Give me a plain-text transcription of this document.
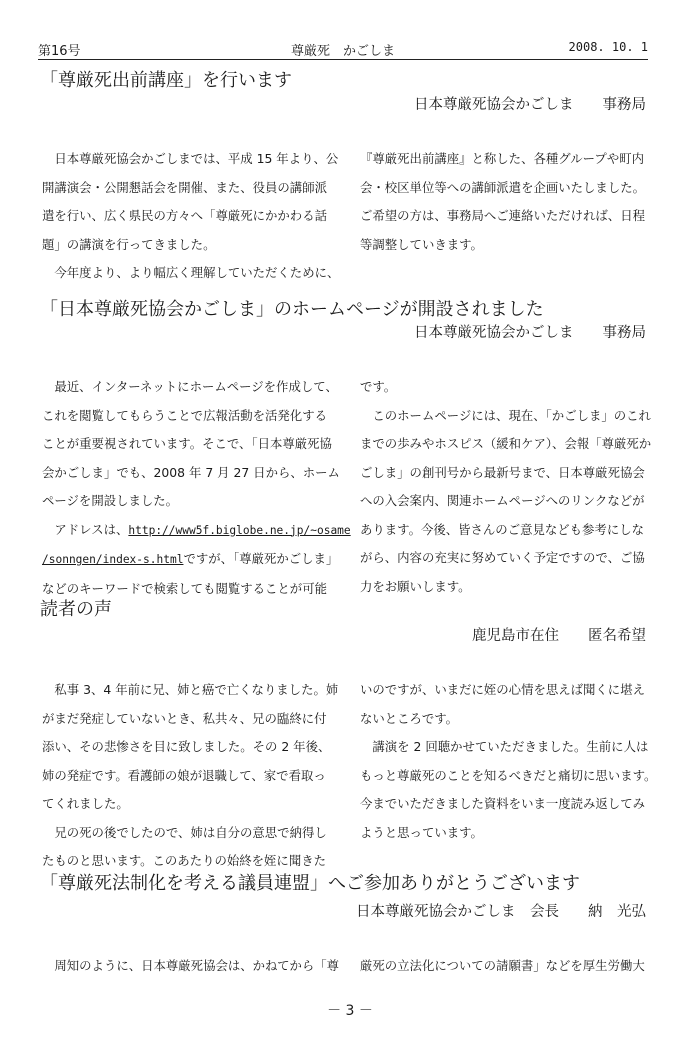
第16号	尊厳死　かごしま	2008. 10. 1
「尊厳死出前講座」を行います
日本尊厳死協会かごしま　　事務局

　日本尊厳死協会かごしまでは、平成 15 年より、公

開講演会・公開懇話会を開催、また、役員の講師派

遣を行い、広く県民の方々へ「尊厳死にかかわる話

題」の講演を行ってきました。

　今年度より、より幅広く理解していただくために、

『尊厳死出前講座』と称した、各種グループや町内

会・校区単位等への講師派遣を企画いたしました。

ご希望の方は、事務局へご連絡いただければ、日程

等調整していきます。

「日本尊厳死協会かごしま」のホームページが開設されました
日本尊厳死協会かごしま　　事務局

　最近、インターネットにホームページを作成して、

これを閲覧してもらうことで広報活動を活発化する

ことが重要視されています。そこで、「日本尊厳死協

会かごしま」でも、2008 年 7 月 27 日から、ホーム

ページを開設しました。

　アドレスは、http://www5f.biglobe.ne.jp/~osame

/sonngen/index-s.htmlですが、「尊厳死かごしま」

などのキーワードで検索しても閲覧することが可能

です。

　このホームページには、現在、「かごしま」のこれ

までの歩みやホスピス（緩和ケア）、会報「尊厳死か

ごしま」の創刊号から最新号まで、日本尊厳死協会

への入会案内、関連ホームページへのリンクなどが

あります。今後、皆さんのご意見なども参考にしな

がら、内容の充実に努めていく予定ですので、ご協

力をお願いします。

読者の声
鹿児島市在住　　匿名希望

　私事 3、4 年前に兄、姉と癌で亡くなりました。姉

がまだ発症していないとき、私共々、兄の臨終に付

添い、その悲惨さを目に致しました。その 2 年後、

姉の発症です。看護師の娘が退職して、家で看取っ

てくれました。

　兄の死の後でしたので、姉は自分の意思で納得し

たものと思います。このあたりの始終を姪に聞きた

いのですが、いまだに姪の心情を思えば聞くに堪え

ないところです。

　講演を 2 回聴かせていただきました。生前に人は

もっと尊厳死のことを知るべきだと痛切に思います。

今までいただきました資料をいま一度読み返してみ

ようと思っています。

「尊厳死法制化を考える議員連盟」へご参加ありがとうございます
日本尊厳死協会かごしま　会長　　納　光弘

　周知のように、日本尊厳死協会は、かねてから「尊 厳死の立法化についての請願書」などを厚生労働大

－ 3 －
